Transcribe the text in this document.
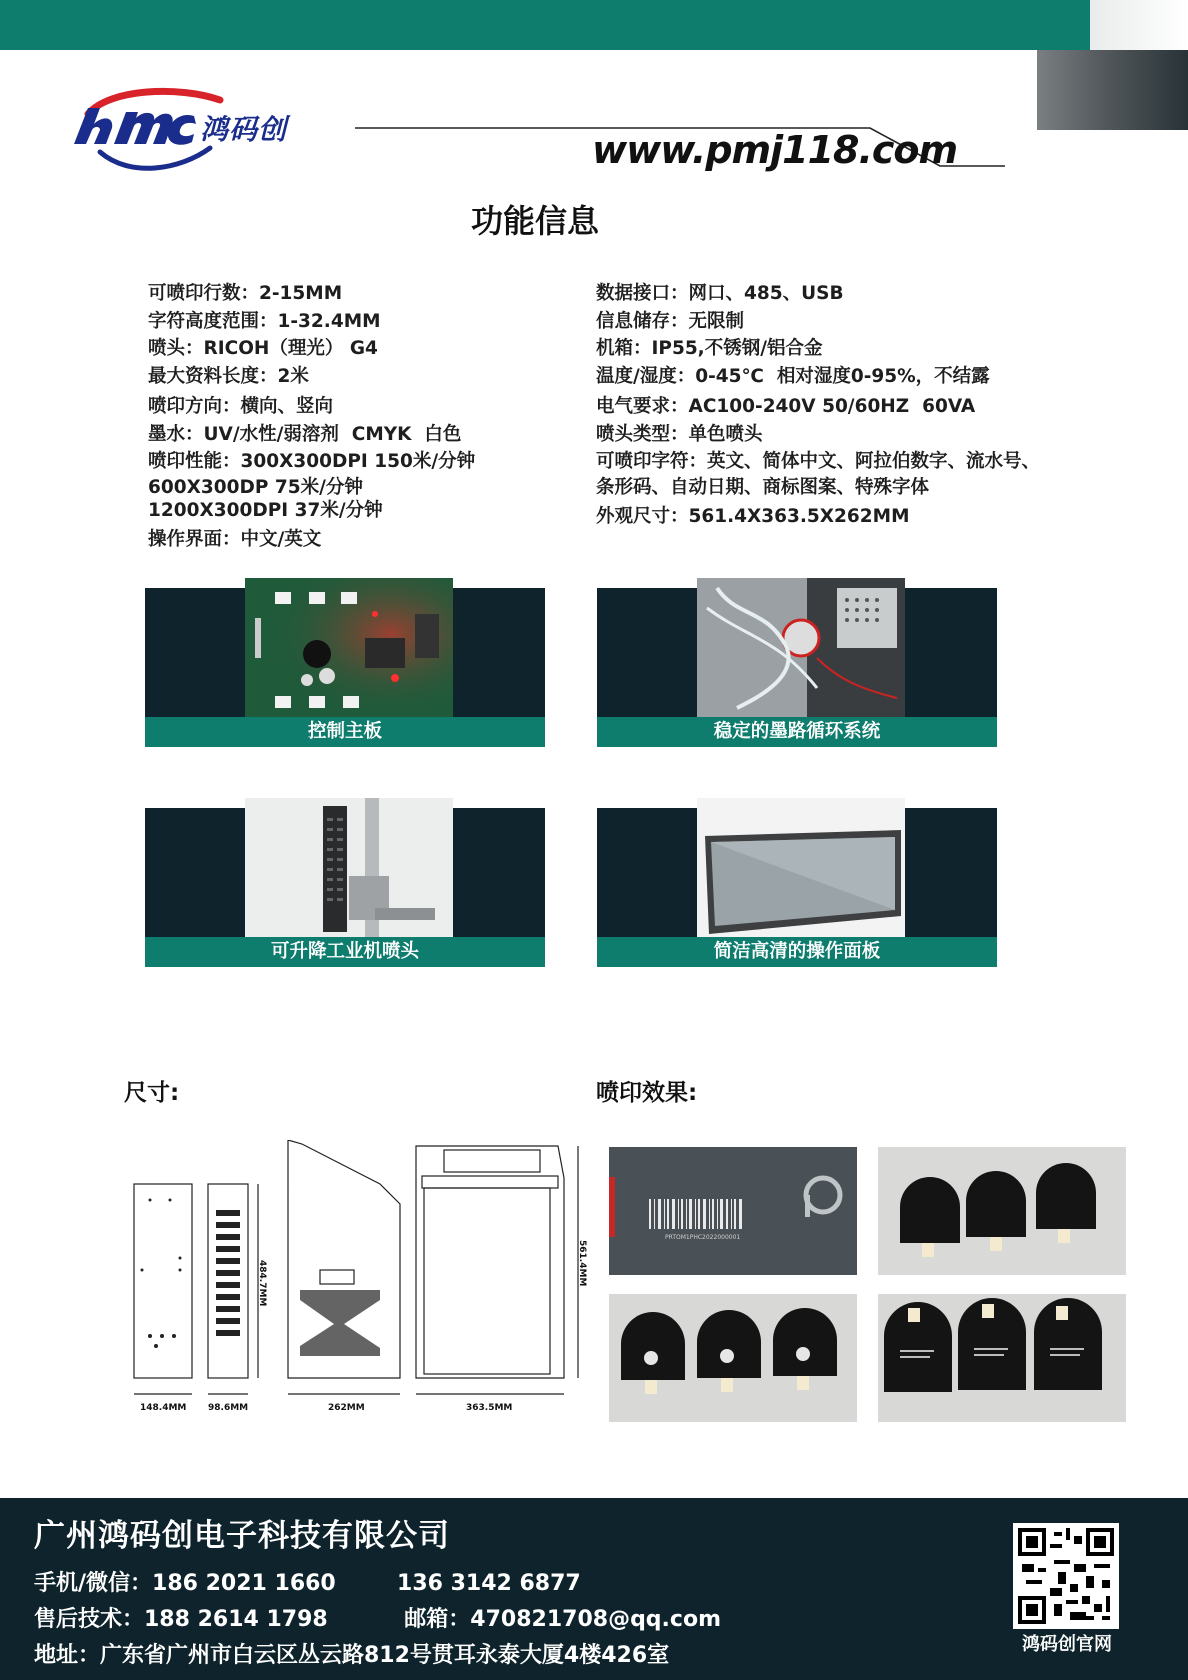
鸿码创	www.pmj118.com
功能信息
可喷印行数：2-15MM
字符高度范围：1-32.4MM
喷头：RICOH（理光） G4
最大资料长度：2米
喷印方向：横向、竖向
墨水：UV/水性/弱溶剂  CMYK  白色
喷印性能：300X300DPI 150米/分钟
600X300DP 75米/分钟
1200X300DPI 37米/分钟
操作界面：中文/英文
数据接口：网口、485、USB
信息储存：无限制
机箱：IP55,不锈钢/铝合金
温度/湿度：0-45℃  相对湿度0-95%，不结露
电气要求：AC100-240V 50/60HZ  60VA
喷头类型：单色喷头
可喷印字符：英文、简体中文、阿拉伯数字、流水号、
条形码、自动日期、商标图案、特殊字体
外观尺寸：561.4X363.5X262MM
控制主板	稳定的墨路循环系统
可升降工业机喷头	简洁高清的操作面板
尺寸:	喷印效果:
148.4MM 98.6MM	262MM	363.5MM
484.7MM	561.4MM
PRTOM1PHC2022000001
广州鸿码创电子科技有限公司
手机/微信：186 2021 1660        136 3142 6877
售后技术：188 2614 1798          邮箱：470821708@qq.com
地址：广东省广州市白云区丛云路812号贯耳永泰大厦4楼426室	鸿码创官网
